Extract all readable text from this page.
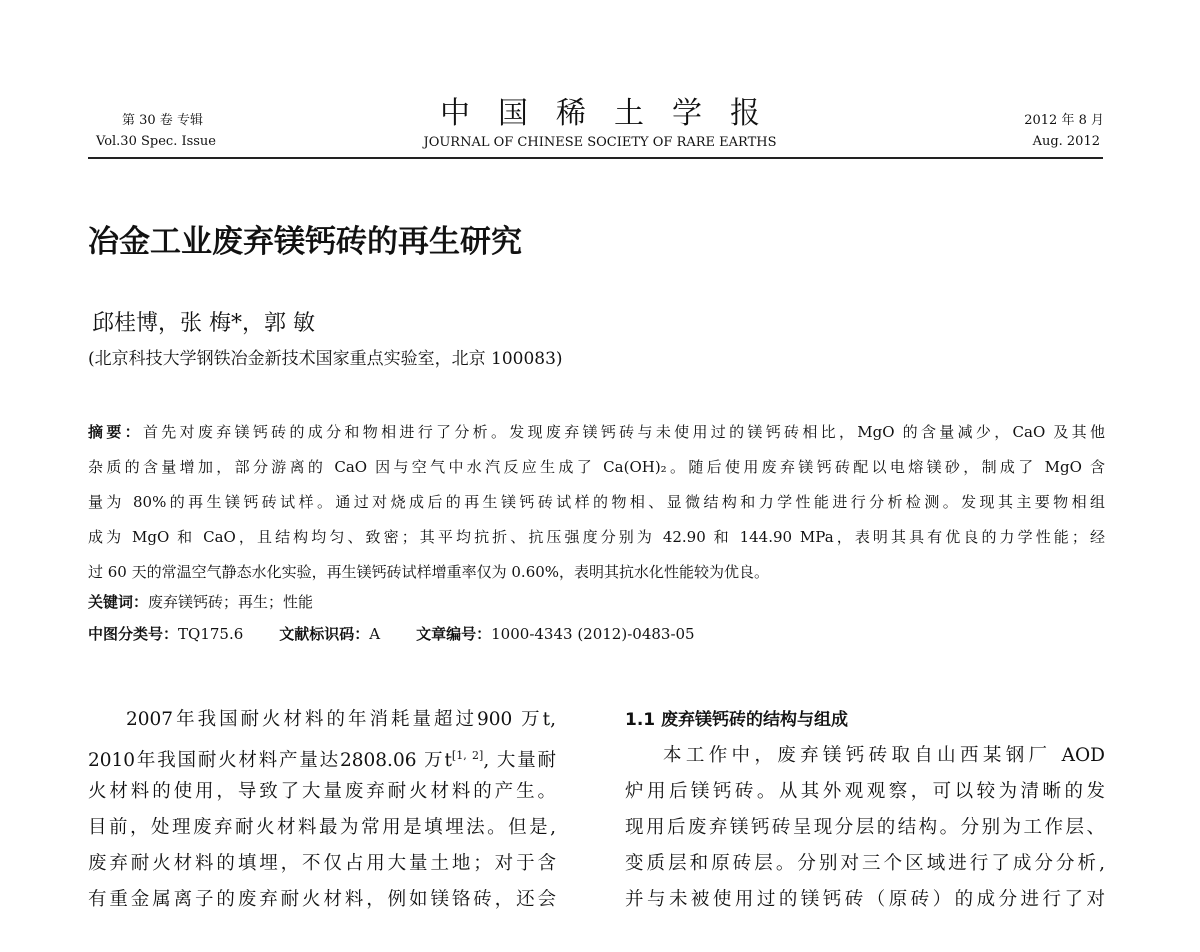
第 30 卷 专辑
Vol.30 Spec. Issue
中国稀土学报
JOURNAL OF CHINESE SOCIETY OF RARE EARTHS
2012 年 8 月
Aug. 2012
冶金工业废弃镁钙砖的再生研究
邱桂博，张 梅*，郭 敏
(北京科技大学钢铁冶金新技术国家重点实验室，北京 100083)
摘要：首先对废弃镁钙砖的成分和物相进行了分析。发现废弃镁钙砖与未使用过的镁钙砖相比，MgO 的含量减少，CaO 及其他
杂质的含量增加，部分游离的 CaO 因与空气中水汽反应生成了 Ca(OH)₂。随后使用废弃镁钙砖配以电熔镁砂，制成了 MgO 含
量为 80%的再生镁钙砖试样。通过对烧成后的再生镁钙砖试样的物相、显微结构和力学性能进行分析检测。发现其主要物相组
成为 MgO 和 CaO，且结构均匀、致密；其平均抗折、抗压强度分别为 42.90 和 144.90 MPa，表明其具有优良的力学性能；经
过 60 天的常温空气静态水化实验，再生镁钙砖试样增重率仅为 0.60%，表明其抗水化性能较为优良。
关键词：废弃镁钙砖；再生；性能
中图分类号：TQ175.6 文献标识码：A 文章编号：1000-4343 (2012)-0483-05
2007年我国耐火材料的年消耗量超过900 万t,
2010年我国耐火材料产量达2808.06 万t[1, 2], 大量耐
火材料的使用，导致了大量废弃耐火材料的产生。
目前，处理废弃耐火材料最为常用是填埋法。但是,
废弃耐火材料的填埋，不仅占用大量土地；对于含
有重金属离子的废弃耐火材料，例如镁铬砖，还会
1.1 废弃镁钙砖的结构与组成
本工作中，废弃镁钙砖取自山西某钢厂 AOD
炉用后镁钙砖。从其外观观察，可以较为清晰的发
现用后废弃镁钙砖呈现分层的结构。分别为工作层、
变质层和原砖层。分别对三个区域进行了成分分析,
并与未被使用过的镁钙砖（原砖）的成分进行了对
